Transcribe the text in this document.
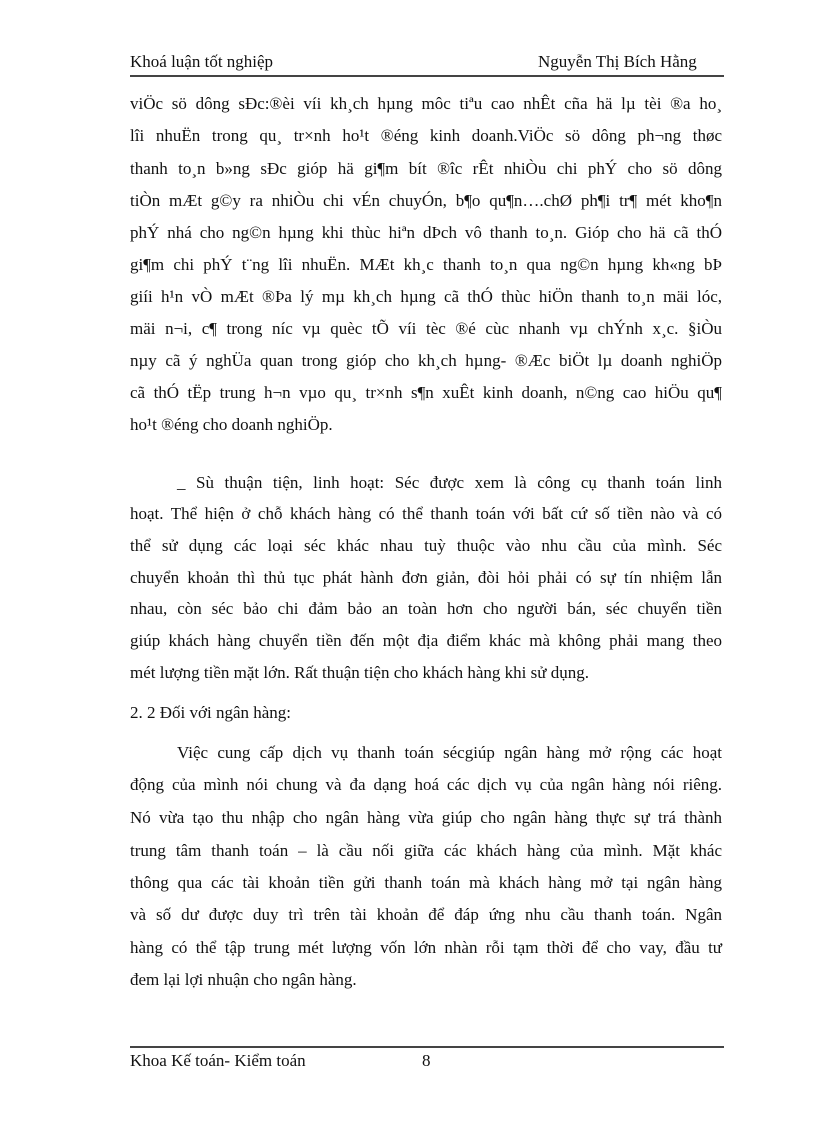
Khoá luận tốt nghiệp	Nguyễn Thị Bích Hằng
viÖc sö dông sÐc:®èi víi kh¸ch hµng môc tiªu cao nhÊt cña hä lµ tèi ®a ho¸
lîi nhuËn trong qu¸ tr×nh ho¹t ®éng kinh doanh.ViÖc sö dông ph¬ng thøc
thanh to¸n b»ng sÐc gióp hä gi¶m bít ®îc rÊt nhiÒu chi phÝ cho sö dông
tiÒn mÆt g©y ra nhiÒu chi vÉn chuyÓn, b¶o qu¶n….chØ ph¶i tr¶ mét kho¶n
phÝ nhá cho ng©n hµng khi thùc hiªn dÞch vô thanh to¸n. Gióp cho hä cã thÓ
gi¶m chi phÝ t¨ng lîi nhuËn. MÆt kh¸c thanh to¸n qua ng©n hµng kh«ng bÞ
giíi h¹n vÒ mÆt ®Þa lý mµ kh¸ch hµng cã thÓ thùc hiÖn thanh to¸n mäi lóc,
mäi n¬i, c¶ trong níc vµ quèc tÕ víi tèc ®é cùc nhanh vµ chÝnh x¸c. §iÒu
nµy cã ý nghÜa quan trong gióp cho kh¸ch hµng- ®Æc biÖt lµ doanh nghiÖp
cã thÓ tËp trung h¬n vµo qu¸ tr×nh s¶n xuÊt kinh doanh, n©ng cao hiÖu qu¶
ho¹t ®éng cho doanh nghiÖp.
_ Sù thuận tiện, linh hoạt: Séc được xem là công cụ thanh toán linh
hoạt. Thể hiện ở chỗ khách hàng có thể thanh toán với bất cứ số tiền nào và có
thể sử dụng các loại séc khác nhau tuỳ thuộc vào nhu cầu của mình. Séc
chuyển khoản thì thủ tục phát hành đơn giản, đòi hỏi phải có sự tín nhiệm lẫn
nhau, còn séc bảo chi đảm bảo an toàn hơn cho người bán, séc chuyển tiền
giúp khách hàng chuyển tiền đến một địa điểm khác mà không phải mang theo
mét lượng tiền mặt lớn. Rất thuận tiện cho khách hàng khi sử dụng.
2. 2 Đối với ngân hàng:
Việc cung cấp dịch vụ thanh toán sécgiúp ngân hàng mở rộng các hoạt
động của mình nói chung và đa dạng hoá các dịch vụ của ngân hàng nói riêng.
Nó vừa tạo thu nhập cho ngân hàng vừa giúp cho ngân hàng thực sự trá thành
trung tâm thanh toán – là cầu nối giữa các khách hàng của mình. Mặt khác
thông qua các tài khoản tiền gửi thanh toán mà khách hàng mở tại ngân hàng
và số dư được duy trì trên tài khoản để đáp ứng nhu cầu thanh toán. Ngân
hàng có thể tập trung mét lượng vốn lớn nhàn rỗi tạm thời để cho vay, đầu tư
đem lại lợi nhuận cho ngân hàng.
Khoa Kế toán- Kiểm toán	8
